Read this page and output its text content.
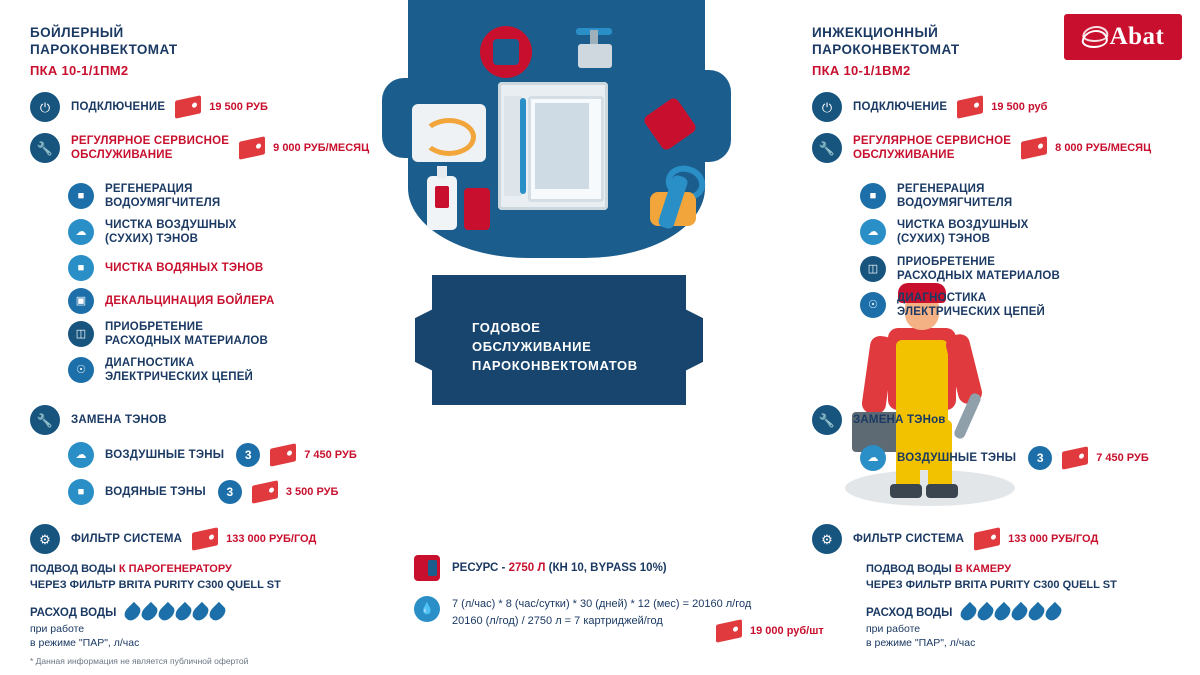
Abat
ГОДОВОЕ
ОБСЛУЖИВАНИЕ
ПАРОКОНВЕКТОМАТОВ
БОЙЛЕРНЫЙ
ПАРОКОНВЕКТОМАТ
ПКА 10-1/1ПМ2
⏻ ПОДКЛЮЧЕНИЕ	19 500 РУБ
🔧 РЕГУЛЯРНОЕ СЕРВИСНОЕ
ОБСЛУЖИВАНИЕ
9 000 РУБ/МЕСЯЦ
■
РЕГЕНЕРАЦИЯ
ВОДОУМЯГЧИТЕЛЯ
☁
ЧИСТКА ВОЗДУШНЫХ
(СУХИХ) ТЭНОВ
■ ЧИСТКА ВОДЯНЫХ ТЭНОВ
▣ ДЕКАЛЬЦИНАЦИЯ БОЙЛЕРА
◫
ПРИОБРЕТЕНИЕ
РАСХОДНЫХ МАТЕРИАЛОВ
☉
ДИАГНОСТИКА
ЭЛЕКТРИЧЕСКИХ ЦЕПЕЙ
🔧 ЗАМЕНА ТЭНОВ
☁ ВОЗДУШНЫЕ ТЭНЫ	3	7 450 РУБ
■ ВОДЯНЫЕ ТЭНЫ	3	3 500 РУБ
⚙ ФИЛЬТР СИСТЕМА	133 000 РУБ/ГОД
ПОДВОД ВОДЫ К ПАРОГЕНЕРАТОРУ
ЧЕРЕЗ ФИЛЬТР BRITA PURITY C300 QUELL ST
РАСХОД ВОДЫ
при работе
в режиме "ПАР", л/час
* Данная информация не является публичной офертой
ИНЖЕКЦИОННЫЙ
ПАРОКОНВЕКТОМАТ
ПКА 10-1/1ВМ2
⏻ ПОДКЛЮЧЕНИЕ	19 500 руб
🔧 РЕГУЛЯРНОЕ СЕРВИСНОЕ
ОБСЛУЖИВАНИЕ
8 000 РУБ/МЕСЯЦ
■
РЕГЕНЕРАЦИЯ
ВОДОУМЯГЧИТЕЛЯ
☁
ЧИСТКА ВОЗДУШНЫХ
(СУХИХ) ТЭНОВ
◫
ПРИОБРЕТЕНИЕ
РАСХОДНЫХ МАТЕРИАЛОВ
☉
ДИАГНОСТИКА
ЭЛЕКТРИЧЕСКИХ ЦЕПЕЙ
🔧 ЗАМЕНА ТЭНов
☁ ВОЗДУШНЫЕ ТЭНЫ	3	7 450 РУБ
⚙ ФИЛЬТР СИСТЕМА	133 000 РУБ/ГОД
ПОДВОД ВОДЫ В КАМЕРУ
ЧЕРЕЗ ФИЛЬТР BRITA PURITY C300 QUELL ST
РАСХОД ВОДЫ
при работе
в режиме "ПАР", л/час
РЕСУРС - 2750 Л (КН 10, BYPASS 10%)
💧 7 (л/час) * 8 (час/сутки) * 30 (дней) * 12 (мес) = 20160 л/год
20160 (л/год) / 2750 л = 7 картриджей/год
19 000 руб/шт
